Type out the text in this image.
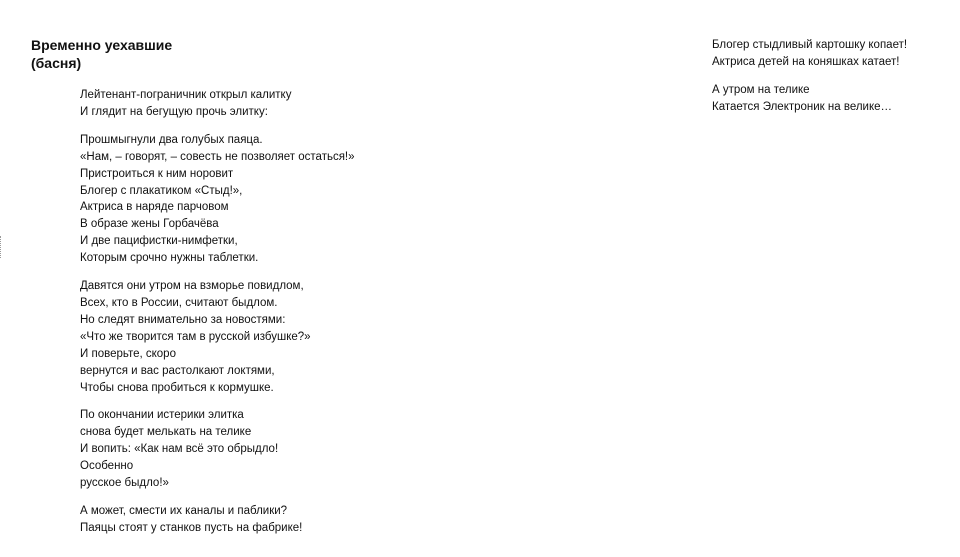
Временно уехавшие
(басня)

Лейтенант-пограничник открыл калитку
И глядит на бегущую прочь элитку:

Прошмыгнули два голубых паяца.
«Нам, – говорят, – совесть не позволяет остаться!»
Пристроиться к ним норовит
Блогер с плакатиком «Стыд!»,
Актриса в наряде парчовом
В образе жены Горбачёва
И две пацифистки-нимфетки,
Которым срочно нужны таблетки.

Давятся они утром на взморье повидлом,
Всех, кто в России, считают быдлом.
Но следят внимательно за новостями:
«Что же творится там в русской избушке?»
И поверьте, скоро
вернутся и вас растолкают локтями,
Чтобы снова пробиться к кормушке.

По окончании истерики элитка
снова будет мелькать на телике
И вопить: «Как нам всё это обрыдло!
Особенно
русское быдло!»

А может, смести их каналы и паблики?
Паяцы стоят у станков пусть на фабрике!

Блогер стыдливый картошку копает!
Актриса детей на коняшках катает!

А утром на телике
Катается Электроник на велике…
